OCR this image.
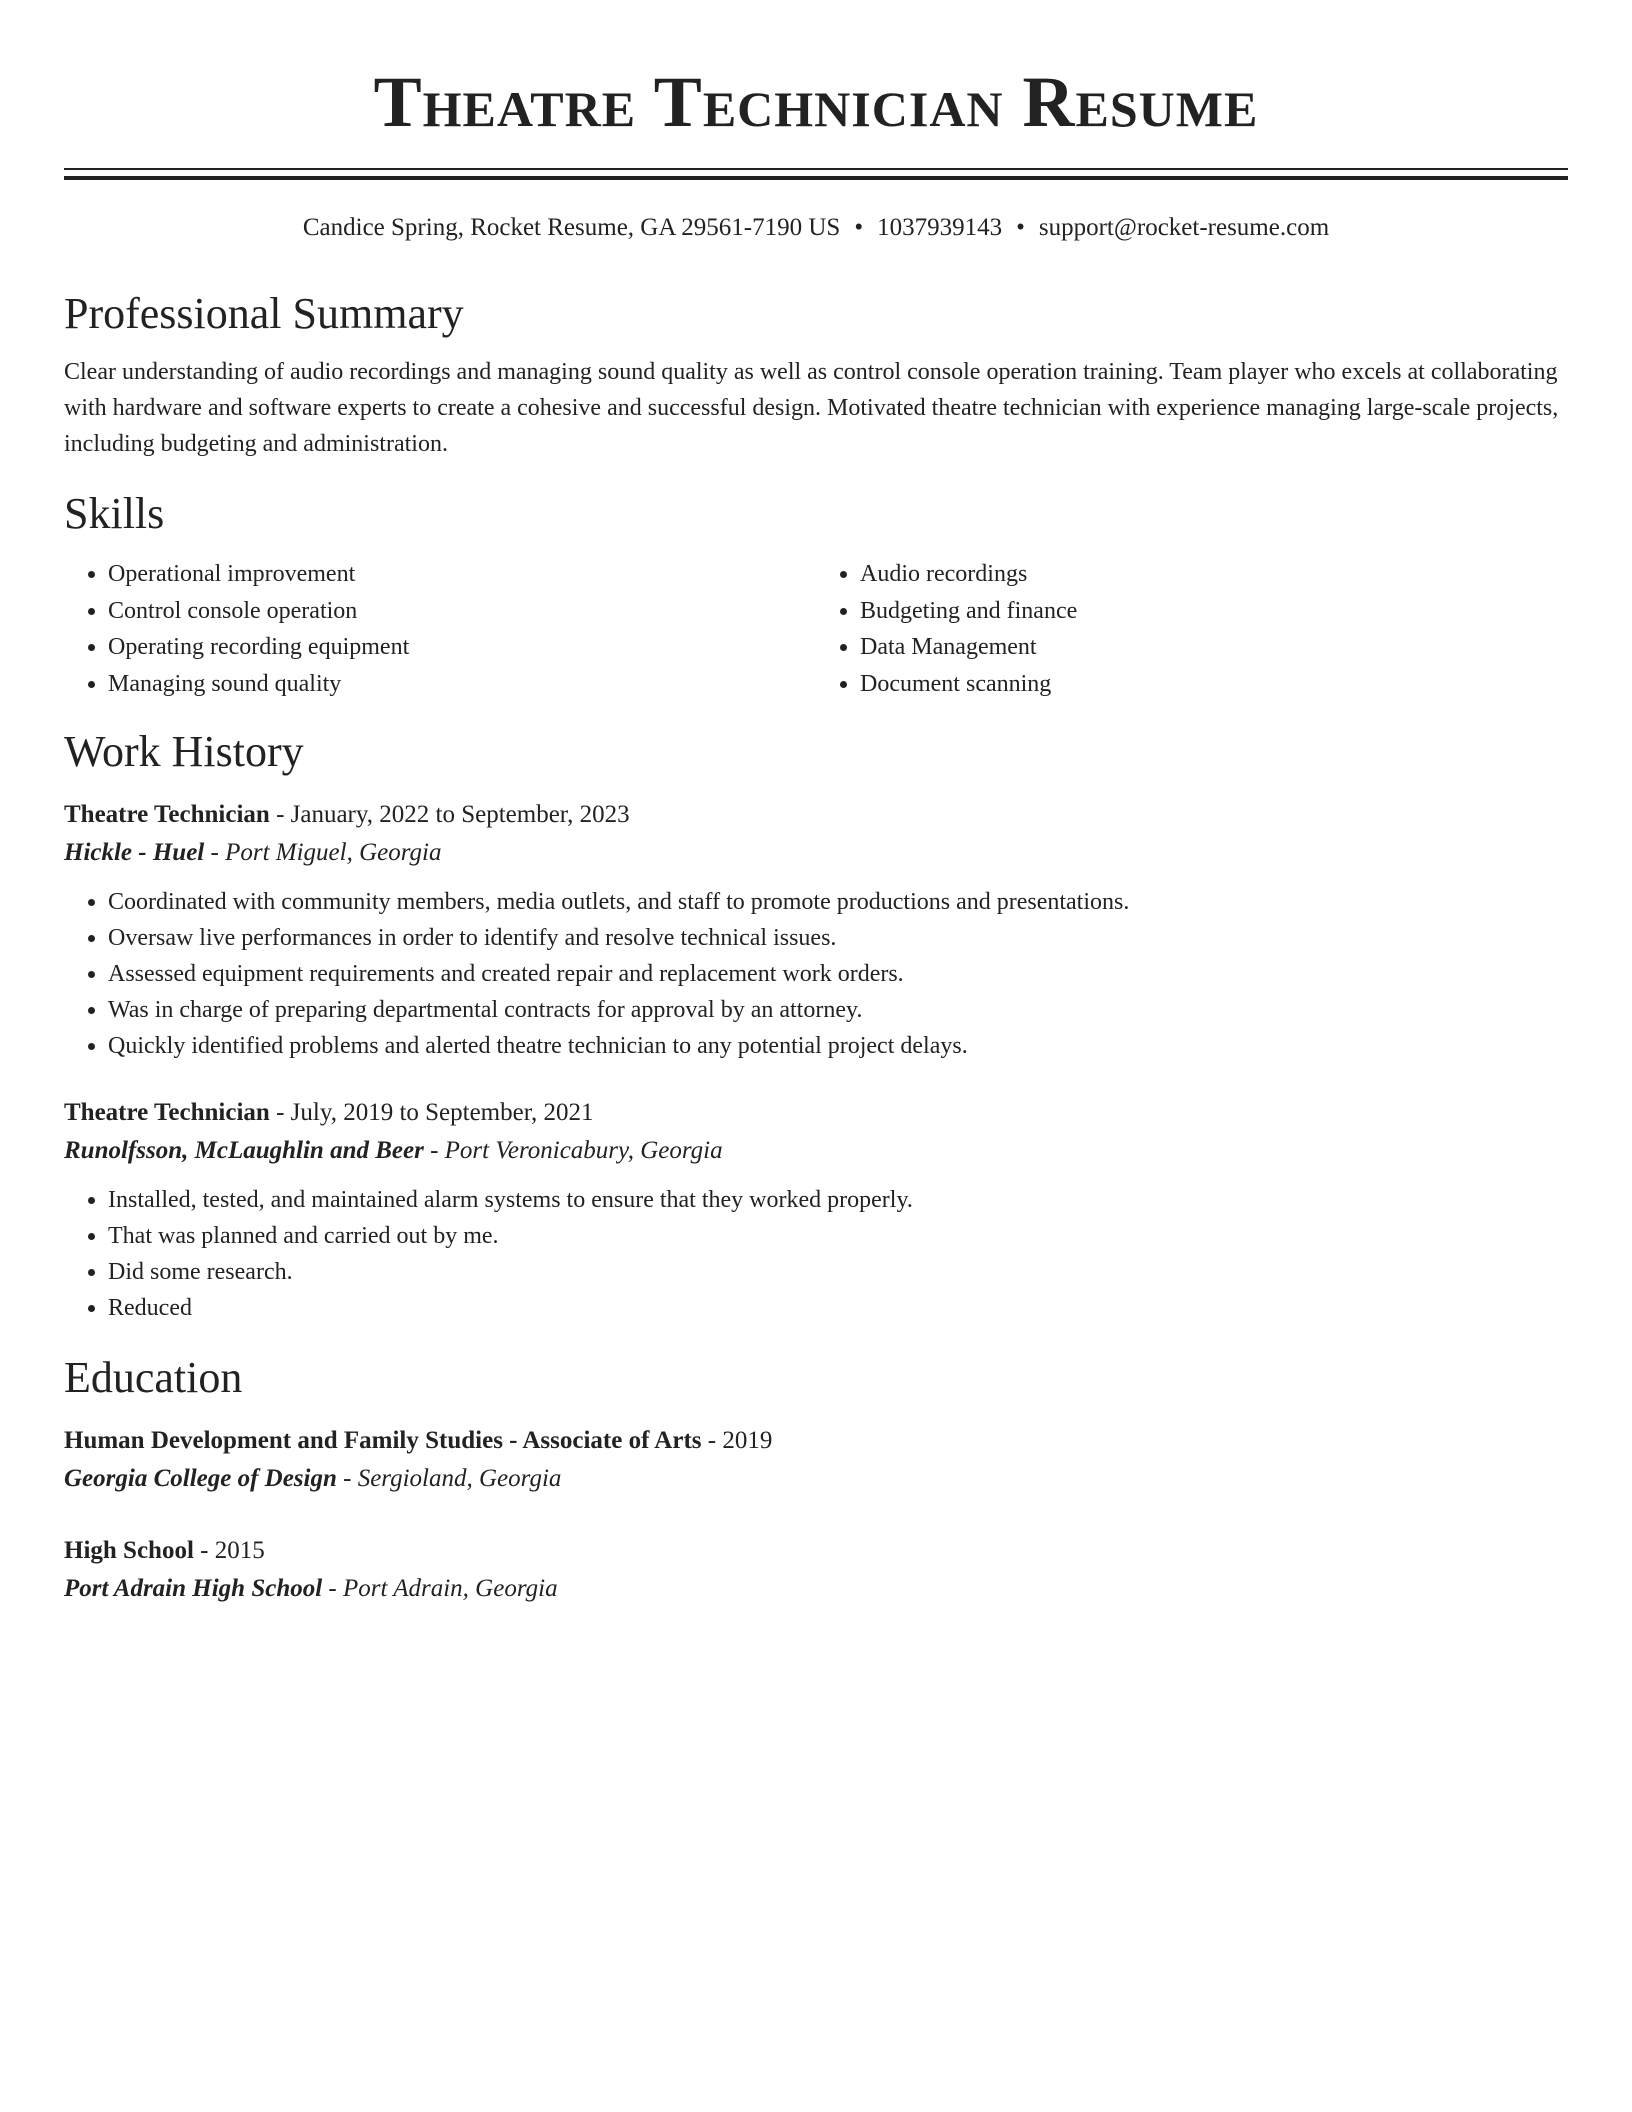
Theatre Technician Resume
Candice Spring, Rocket Resume, GA 29561-7190 US • 1037939143 • support@rocket-resume.com
Professional Summary

Clear understanding of audio recordings and managing sound quality as well as control console operation training. Team player who excels at collaborating with hardware and software experts to create a cohesive and successful design. Motivated theatre technician with experience managing large-scale projects, including budgeting and administration.

Skills
• Operational improvement
• Control console operation
• Operating recording equipment
• Managing sound quality
• Audio recordings
• Budgeting and finance
• Data Management
• Document scanning
Work History
Theatre Technician - January, 2022 to September, 2023
Hickle - Huel - Port Miguel, Georgia
• Coordinated with community members, media outlets, and staff to promote productions and presentations.
• Oversaw live performances in order to identify and resolve technical issues.
• Assessed equipment requirements and created repair and replacement work orders.
• Was in charge of preparing departmental contracts for approval by an attorney.
• Quickly identified problems and alerted theatre technician to any potential project delays.
Theatre Technician - July, 2019 to September, 2021
Runolfsson, McLaughlin and Beer - Port Veronicabury, Georgia
• Installed, tested, and maintained alarm systems to ensure that they worked properly.
• That was planned and carried out by me.
• Did some research.
• Reduced
Education
Human Development and Family Studies - Associate of Arts - 2019
Georgia College of Design - Sergioland, Georgia
High School - 2015
Port Adrain High School - Port Adrain, Georgia
